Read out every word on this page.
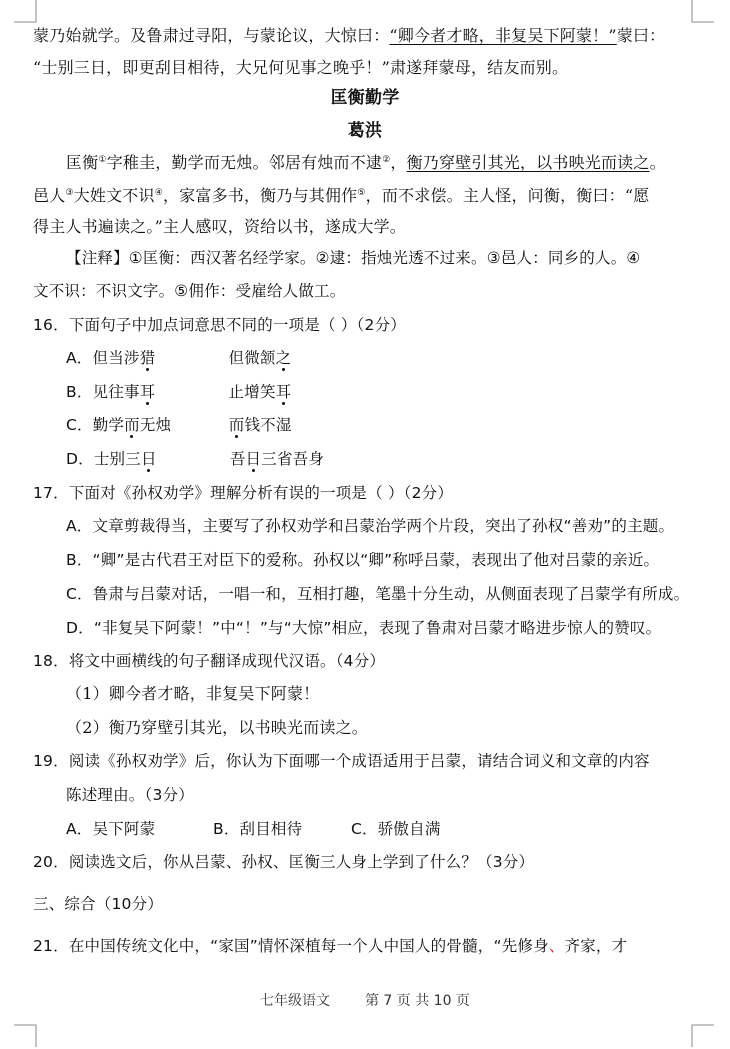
蒙乃始就学。及鲁肃过寻阳，与蒙论议，大惊曰：“卿今者才略，非复吴下阿蒙！”蒙曰：
“士别三日，即更刮目相待，大兄何见事之晚乎！”肃遂拜蒙母，结友而别。
匡衡勤学
葛洪
匡衡①字稚圭，勤学而无烛。邻居有烛而不逮②，衡乃穿壁引其光，以书映光而读之。
邑人③大姓文不识④，家富多书，衡乃与其佣作⑤，而不求偿。主人怪，问衡，衡曰：“愿
得主人书遍读之。”主人感叹，资给以书，遂成大学。
【注释】①匡衡：西汉著名经学家。②逮：指烛光透不过来。③邑人：同乡的人。④
文不识：不识文字。⑤佣作：受雇给人做工。
16．下面句子中加点词意思不同的一项是（ ）（2分）
A．但当涉猎	但微颔之
B．见往事耳	止增笑耳
C．勤学而无烛	而钱不湿
D．士别三日	吾日三省吾身
17．下面对《孙权劝学》理解分析有误的一项是（ ）（2分）
A．文章剪裁得当，主要写了孙权劝学和吕蒙治学两个片段，突出了孙权“善劝”的主题。
B．“卿”是古代君王对臣下的爱称。孙权以“卿”称呼吕蒙，表现出了他对吕蒙的亲近。
C．鲁肃与吕蒙对话，一唱一和，互相打趣，笔墨十分生动，从侧面表现了吕蒙学有所成。
D．“非复吴下阿蒙！”中“！”与“大惊”相应，表现了鲁肃对吕蒙才略进步惊人的赞叹。
18．将文中画横线的句子翻译成现代汉语。（4分）
（1）卿今者才略，非复吴下阿蒙！
（2）衡乃穿壁引其光，以书映光而读之。
19．阅读《孙权劝学》后，你认为下面哪一个成语适用于吕蒙，请结合词义和文章的内容
陈述理由。（3分）
A．吴下阿蒙	B．刮目相待	C．骄傲自满
20．阅读选文后，你从吕蒙、孙权、匡衡三人身上学到了什么？（3分）
三、综合（10分）
21．在中国传统文化中，“家国”情怀深植每一个人中国人的骨髓，“先修身、齐家，才
七年级语文 第 7 页 共 10 页
